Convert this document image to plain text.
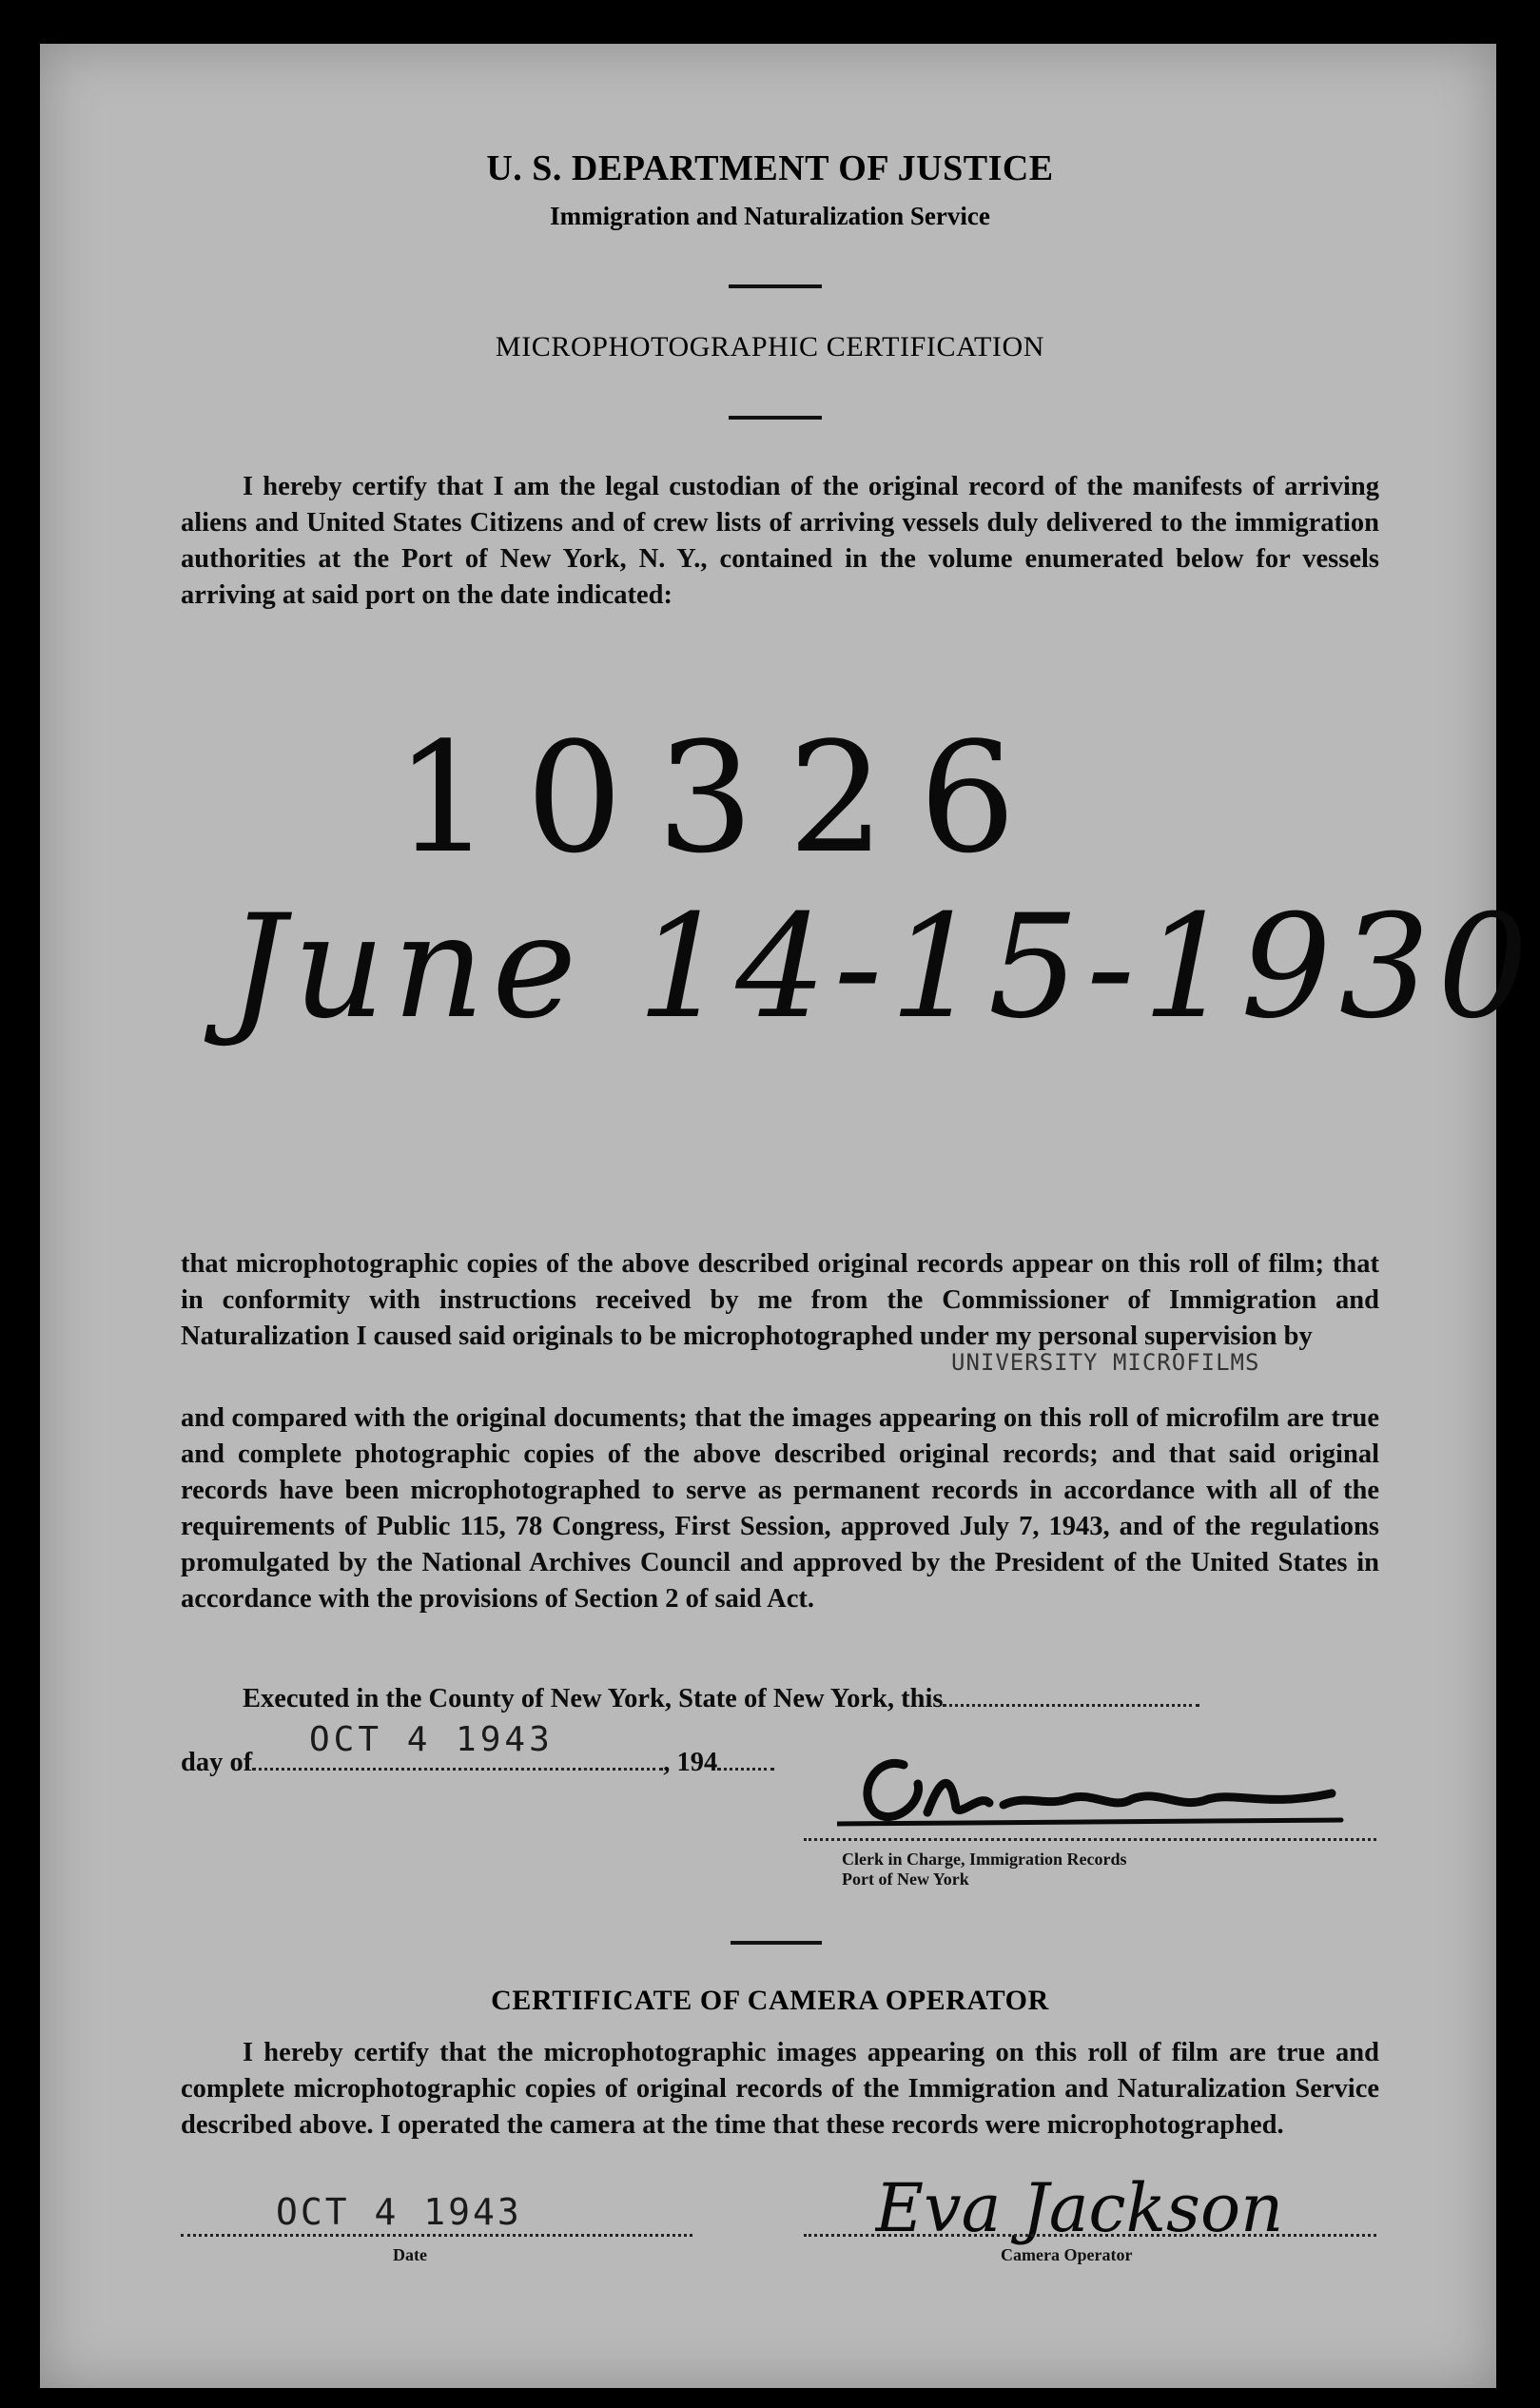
U. S. DEPARTMENT OF JUSTICE
Immigration and Naturalization Service
MICROPHOTOGRAPHIC CERTIFICATION
I hereby certify that I am the legal custodian of the original record of the manifests of arriving aliens and United States Citizens and of crew lists of arriving vessels duly delivered to the immigration authorities at the Port of New York, N. Y., contained in the volume enumerated below for vessels arriving at said port on the date indicated:
10326
June 14-15-1930
that microphotographic copies of the above described original records appear on this roll of film; that in conformity with instructions received by me from the Commissioner of Immigration and Naturalization I caused said originals to be microphotographed under my personal supervision by
UNIVERSITY MICROFILMS
and compared with the original documents; that the images appearing on this roll of microfilm are true and complete photographic copies of the above described original records; and that said original records have been microphotographed to serve as permanent records in accordance with all of the requirements of Public 115, 78 Congress, First Session, approved July 7, 1943, and of the regulations promulgated by the National Archives Council and approved by the President of the United States in accordance with the provisions of Section 2 of said Act.
Executed in the County of New York, State of New York, this
day of	, 194
OCT 4 1943
Clerk in Charge, Immigration Records
Port of New York
CERTIFICATE OF CAMERA OPERATOR
I hereby certify that the microphotographic images appearing on this roll of film are true and complete microphotographic copies of original records of the Immigration and Naturalization Service described above. I operated the camera at the time that these records were microphotographed.
OCT 4 1943
Date
Eva Jackson
Camera Operator
